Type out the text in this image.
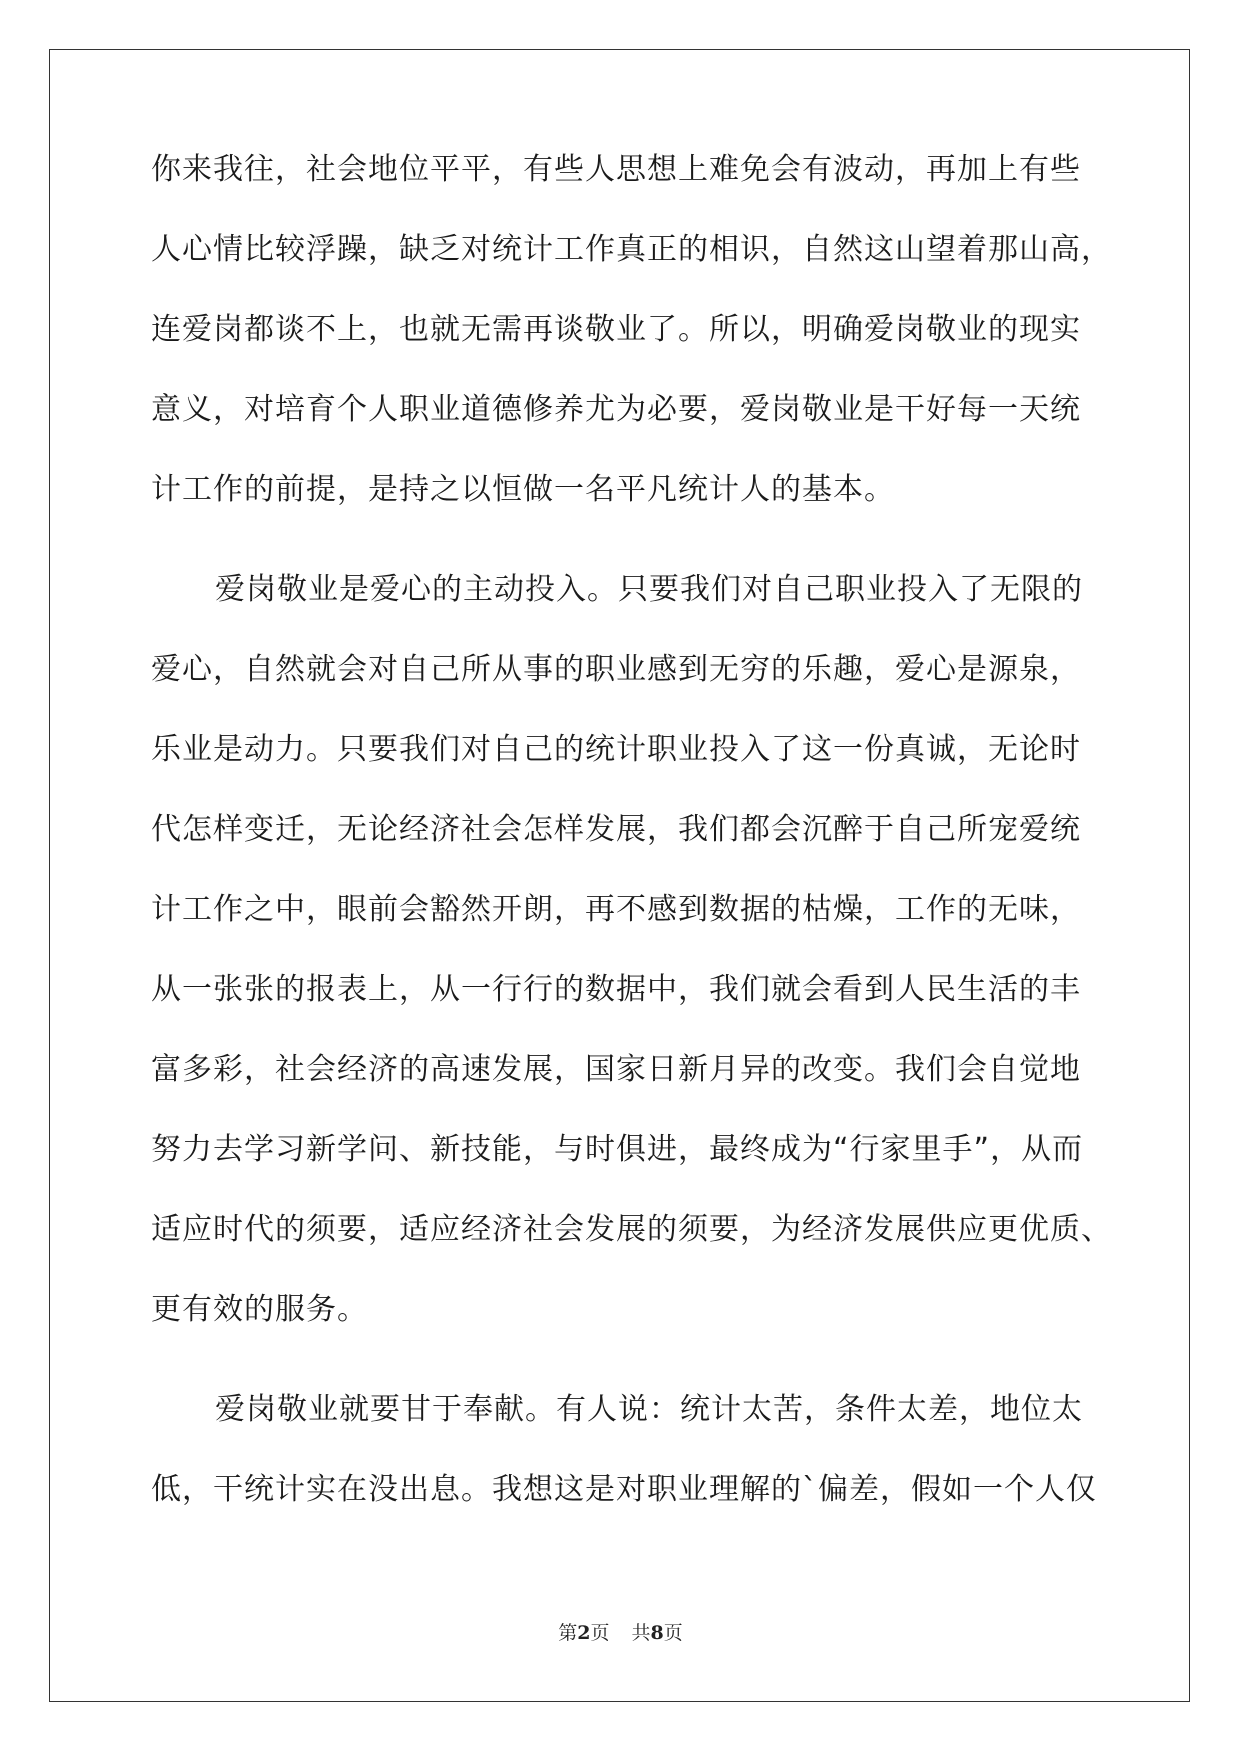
你来我往，社会地位平平，有些人思想上难免会有波动，再加上有些
人心情比较浮躁，缺乏对统计工作真正的相识，自然这山望着那山高，
连爱岗都谈不上，也就无需再谈敬业了。所以，明确爱岗敬业的现实
意义，对培育个人职业道德修养尤为必要，爱岗敬业是干好每一天统
计工作的前提，是持之以恒做一名平凡统计人的基本。
爱岗敬业是爱心的主动投入。只要我们对自己职业投入了无限的
爱心，自然就会对自己所从事的职业感到无穷的乐趣，爱心是源泉，
乐业是动力。只要我们对自己的统计职业投入了这一份真诚，无论时
代怎样变迁，无论经济社会怎样发展，我们都会沉醉于自己所宠爱统
计工作之中，眼前会豁然开朗，再不感到数据的枯燥，工作的无味，
从一张张的报表上，从一行行的数据中，我们就会看到人民生活的丰
富多彩，社会经济的高速发展，国家日新月异的改变。我们会自觉地
努力去学习新学问、新技能，与时俱进，最终成为“行家里手”，从而
适应时代的须要，适应经济社会发展的须要，为经济发展供应更优质、
更有效的服务。
爱岗敬业就要甘于奉献。有人说：统计太苦，条件太差，地位太
低，干统计实在没出息。我想这是对职业理解的`偏差，假如一个人仅
第2页 共8页
